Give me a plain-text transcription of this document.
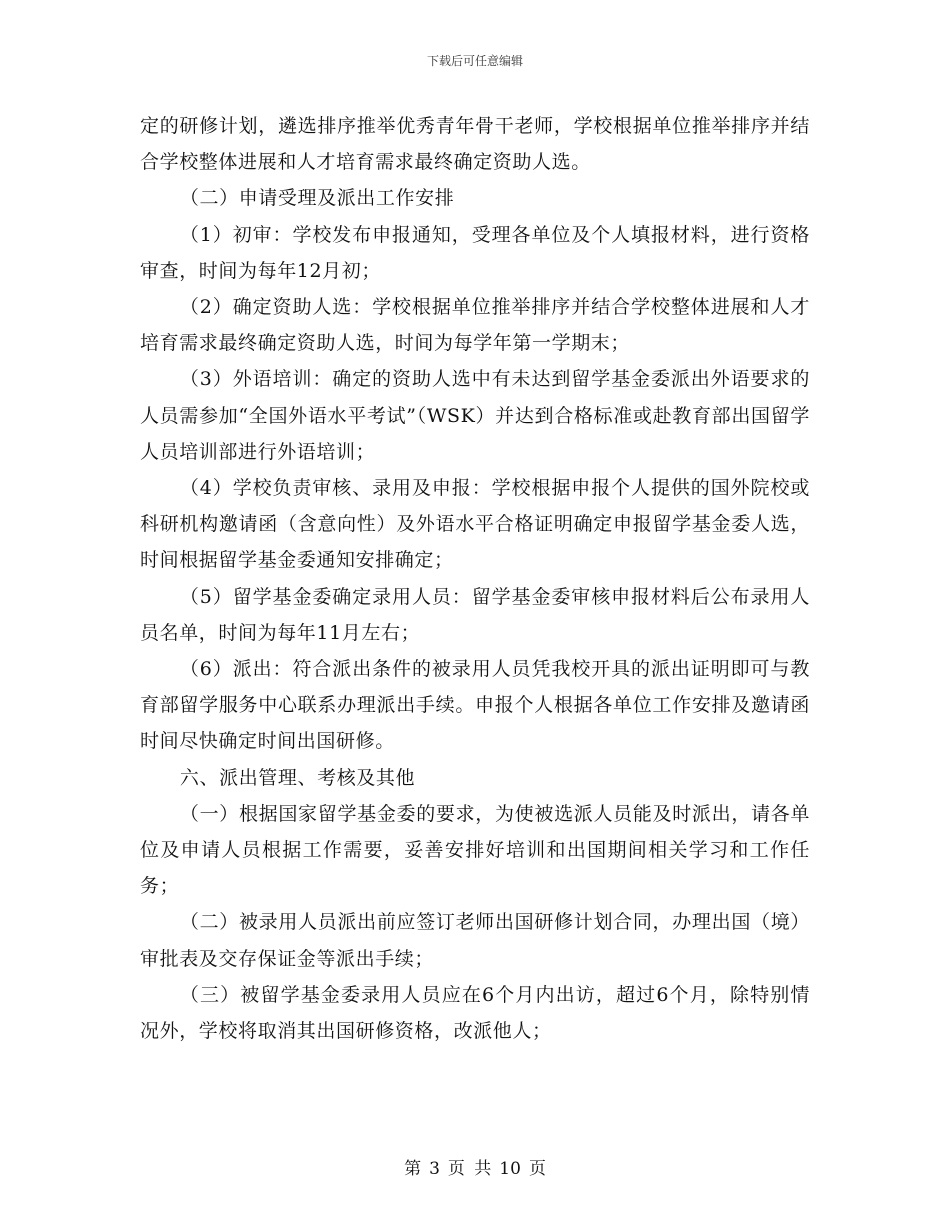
下载后可任意编辑

定的研修计划，遴选排序推举优秀青年骨干老师，学校根据单位推举排序并结合学校整体进展和人才培育需求最终确定资助人选。

（二）申请受理及派出工作安排

（1）初审：学校发布申报通知，受理各单位及个人填报材料，进行资格审查，时间为每年12月初；

（2）确定资助人选：学校根据单位推举排序并结合学校整体进展和人才培育需求最终确定资助人选，时间为每学年第一学期末；

（3）外语培训：确定的资助人选中有未达到留学基金委派出外语要求的人员需参加“全国外语水平考试”（WSK）并达到合格标准或赴教育部出国留学人员培训部进行外语培训；

（4）学校负责审核、录用及申报：学校根据申报个人提供的国外院校或科研机构邀请函（含意向性）及外语水平合格证明确定申报留学基金委人选，时间根据留学基金委通知安排确定；

（5）留学基金委确定录用人员：留学基金委审核申报材料后公布录用人员名单，时间为每年11月左右；

（6）派出：符合派出条件的被录用人员凭我校开具的派出证明即可与教育部留学服务中心联系办理派出手续。申报个人根据各单位工作安排及邀请函时间尽快确定时间出国研修。

六、派出管理、考核及其他

（一）根据国家留学基金委的要求，为使被选派人员能及时派出，请各单位及申请人员根据工作需要，妥善安排好培训和出国期间相关学习和工作任务；

（二）被录用人员派出前应签订老师出国研修计划合同，办理出国（境）审批表及交存保证金等派出手续；

（三）被留学基金委录用人员应在6个月内出访，超过6个月，除特别情况外，学校将取消其出国研修资格，改派他人；

第 3 页 共 10 页
